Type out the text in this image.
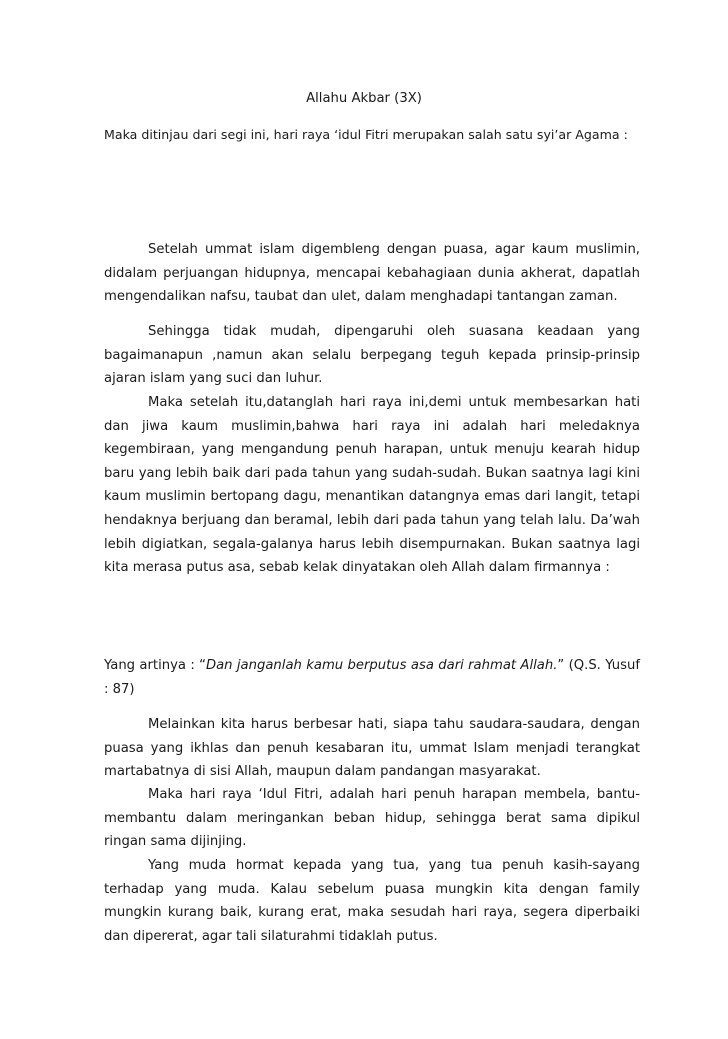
Allahu Akbar (3X)

Maka ditinjau dari segi ini, hari raya ‘idul Fitri merupakan salah satu syi’ar Agama :

Setelah ummat islam digembleng dengan puasa, agar kaum muslimin, didalam perjuangan hidupnya, mencapai kebahagiaan dunia akherat, dapatlah mengendalikan nafsu, taubat dan ulet, dalam menghadapi tantangan zaman.

Sehingga tidak mudah, dipengaruhi oleh suasana keadaan yang bagaimanapun ,namun akan selalu berpegang teguh kepada prinsip-prinsip ajaran islam yang suci dan luhur.

Maka setelah itu,datanglah hari raya ini,demi untuk membesarkan hati dan jiwa kaum muslimin,bahwa hari raya ini adalah hari meledaknya kegembiraan, yang mengandung penuh harapan, untuk menuju kearah hidup baru yang lebih baik dari pada tahun yang sudah-sudah. Bukan saatnya lagi kini kaum muslimin bertopang dagu, menantikan datangnya emas dari langit, tetapi hendaknya berjuang dan beramal, lebih dari pada tahun yang telah lalu. Da’wah lebih digiatkan, segala-galanya harus lebih disempurnakan. Bukan saatnya lagi kita merasa putus asa, sebab kelak dinyatakan oleh Allah dalam firmannya :

Yang artinya : “Dan janganlah kamu berputus asa dari rahmat Allah.” (Q.S. Yusuf : 87)

Melainkan kita harus berbesar hati, siapa tahu saudara-saudara, dengan puasa yang ikhlas dan penuh kesabaran itu, ummat Islam menjadi terangkat martabatnya di sisi Allah, maupun dalam pandangan masyarakat.

Maka hari raya ‘Idul Fitri, adalah hari penuh harapan membela, bantu-membantu dalam meringankan beban hidup, sehingga berat sama dipikul ringan sama dijinjing.

Yang muda hormat kepada yang tua, yang tua penuh kasih-sayang terhadap yang muda. Kalau sebelum puasa mungkin kita dengan family mungkin kurang baik, kurang erat, maka sesudah hari raya, segera diperbaiki dan dipererat, agar tali silaturahmi tidaklah putus.
